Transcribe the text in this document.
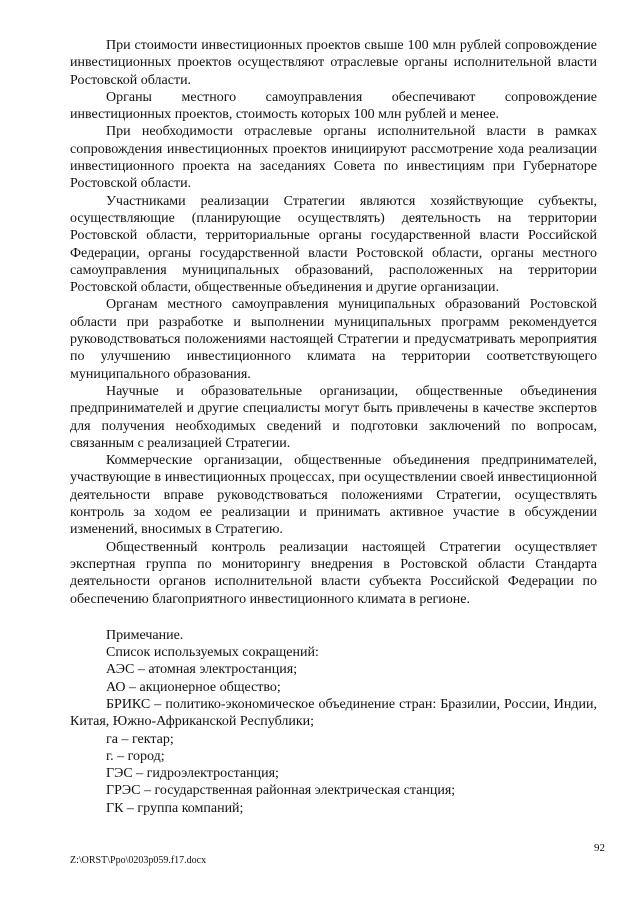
При стоимости инвестиционных проектов свыше 100 млн рублей сопровождение инвестиционных проектов осуществляют отраслевые органы исполнительной власти Ростовской области.

Органы местного самоуправления обеспечивают сопровождение инвестиционных проектов, стоимость которых 100 млн рублей и менее.

При необходимости отраслевые органы исполнительной власти в рамках сопровождения инвестиционных проектов инициируют рассмотрение хода реализации инвестиционного проекта на заседаниях Совета по инвестициям при Губернаторе Ростовской области.

Участниками реализации Стратегии являются хозяйствующие субъекты, осуществляющие (планирующие осуществлять) деятельность на территории Ростовской области, территориальные органы государственной власти Российской Федерации, органы государственной власти Ростовской области, органы местного самоуправления муниципальных образований, расположенных на территории Ростовской области, общественные объединения и другие организации.

Органам местного самоуправления муниципальных образований Ростовской области при разработке и выполнении муниципальных программ рекомендуется руководствоваться положениями настоящей Стратегии и предусматривать мероприятия по улучшению инвестиционного климата на территории соответствующего муниципального образования.

Научные и образовательные организации, общественные объединения предпринимателей и другие специалисты могут быть привлечены в качестве экспертов для получения необходимых сведений и подготовки заключений по вопросам, связанным с реализацией Стратегии.

Коммерческие организации, общественные объединения предпринимателей, участвующие в инвестиционных процессах, при осуществлении своей инвестиционной деятельности вправе руководствоваться положениями Стратегии, осуществлять контроль за ходом ее реализации и принимать активное участие в обсуждении изменений, вносимых в Стратегию.

Общественный контроль реализации настоящей Стратегии осуществляет экспертная группа по мониторингу внедрения в Ростовской области Стандарта деятельности органов исполнительной власти субъекта Российской Федерации по обеспечению благоприятного инвестиционного климата в регионе.

Примечание.

Список используемых сокращений:

АЭС – атомная электростанция;

АО – акционерное общество;

БРИКС – политико-экономическое объединение стран: Бразилии, России, Индии, Китая, Южно-Африканской Республики;

га – гектар;

г. – город;

ГЭС – гидроэлектростанция;

ГРЭС – государственная районная электрическая станция;

ГК – группа компаний;

92
Z:\ORST\Ppo\0203p059.f17.docx
